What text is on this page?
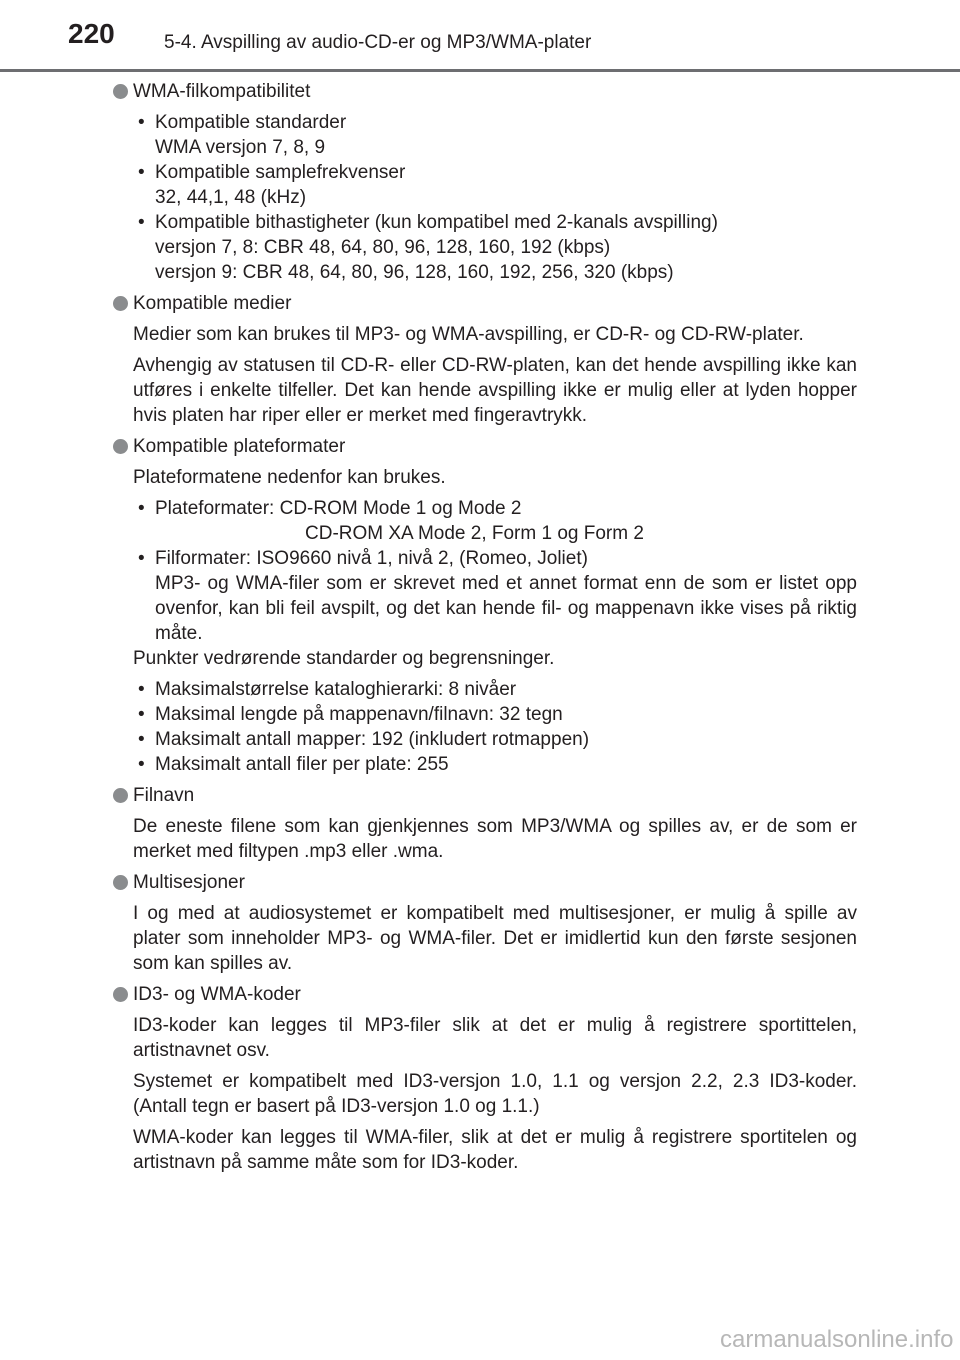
220	5-4. Avspilling av audio-CD-er og MP3/WMA-plater
WMA-filkompatibilitet
• Kompatible standarder
WMA versjon 7, 8, 9
• Kompatible samplefrekvenser
32, 44,1, 48 (kHz)
• Kompatible bithastigheter (kun kompatibel med 2-kanals avspilling)
versjon 7, 8: CBR 48, 64, 80, 96, 128, 160, 192 (kbps)
versjon 9: CBR 48, 64, 80, 96, 128, 160, 192, 256, 320 (kbps)
Kompatible medier

Medier som kan brukes til MP3- og WMA-avspilling, er CD-R- og CD-RW-plater.

Avhengig av statusen til CD-R- eller CD-RW-platen, kan det hende avspilling ikke kan utføres i enkelte tilfeller. Det kan hende avspilling ikke er mulig eller at lyden hopper hvis platen har riper eller er merket med fingeravtrykk.

Kompatible plateformater

Plateformatene nedenfor kan brukes.

• Plateformater: CD-ROM Mode 1 og Mode 2
CD-ROM XA Mode 2, Form 1 og Form 2
• Filformater: ISO9660 nivå 1, nivå 2, (Romeo, Joliet)
MP3- og WMA-filer som er skrevet med et annet format enn de som er listet opp ovenfor, kan bli feil avspilt, og det kan hende fil- og mappenavn ikke vises på riktig måte.
Punkter vedrørende standarder og begrensninger.
• Maksimalstørrelse kataloghierarki: 8 nivåer
• Maksimal lengde på mappenavn/filnavn: 32 tegn
• Maksimalt antall mapper: 192 (inkludert rotmappen)
• Maksimalt antall filer per plate: 255
Filnavn

De eneste filene som kan gjenkjennes som MP3/WMA og spilles av, er de som er merket med filtypen .mp3 eller .wma.

Multisesjoner

I og med at audiosystemet er kompatibelt med multisesjoner, er mulig å spille av plater som inneholder MP3- og WMA-filer. Det er imidlertid kun den første sesjonen som kan spilles av.

ID3- og WMA-koder

ID3-koder kan legges til MP3-filer slik at det er mulig å registrere sportittelen, artistnavnet osv.

Systemet er kompatibelt med ID3-versjon 1.0, 1.1 og versjon 2.2, 2.3 ID3-koder. (Antall tegn er basert på ID3-versjon 1.0 og 1.1.)

WMA-koder kan legges til WMA-filer, slik at det er mulig å registrere sportitelen og artistnavn på samme måte som for ID3-koder.

carmanualsonline.info
